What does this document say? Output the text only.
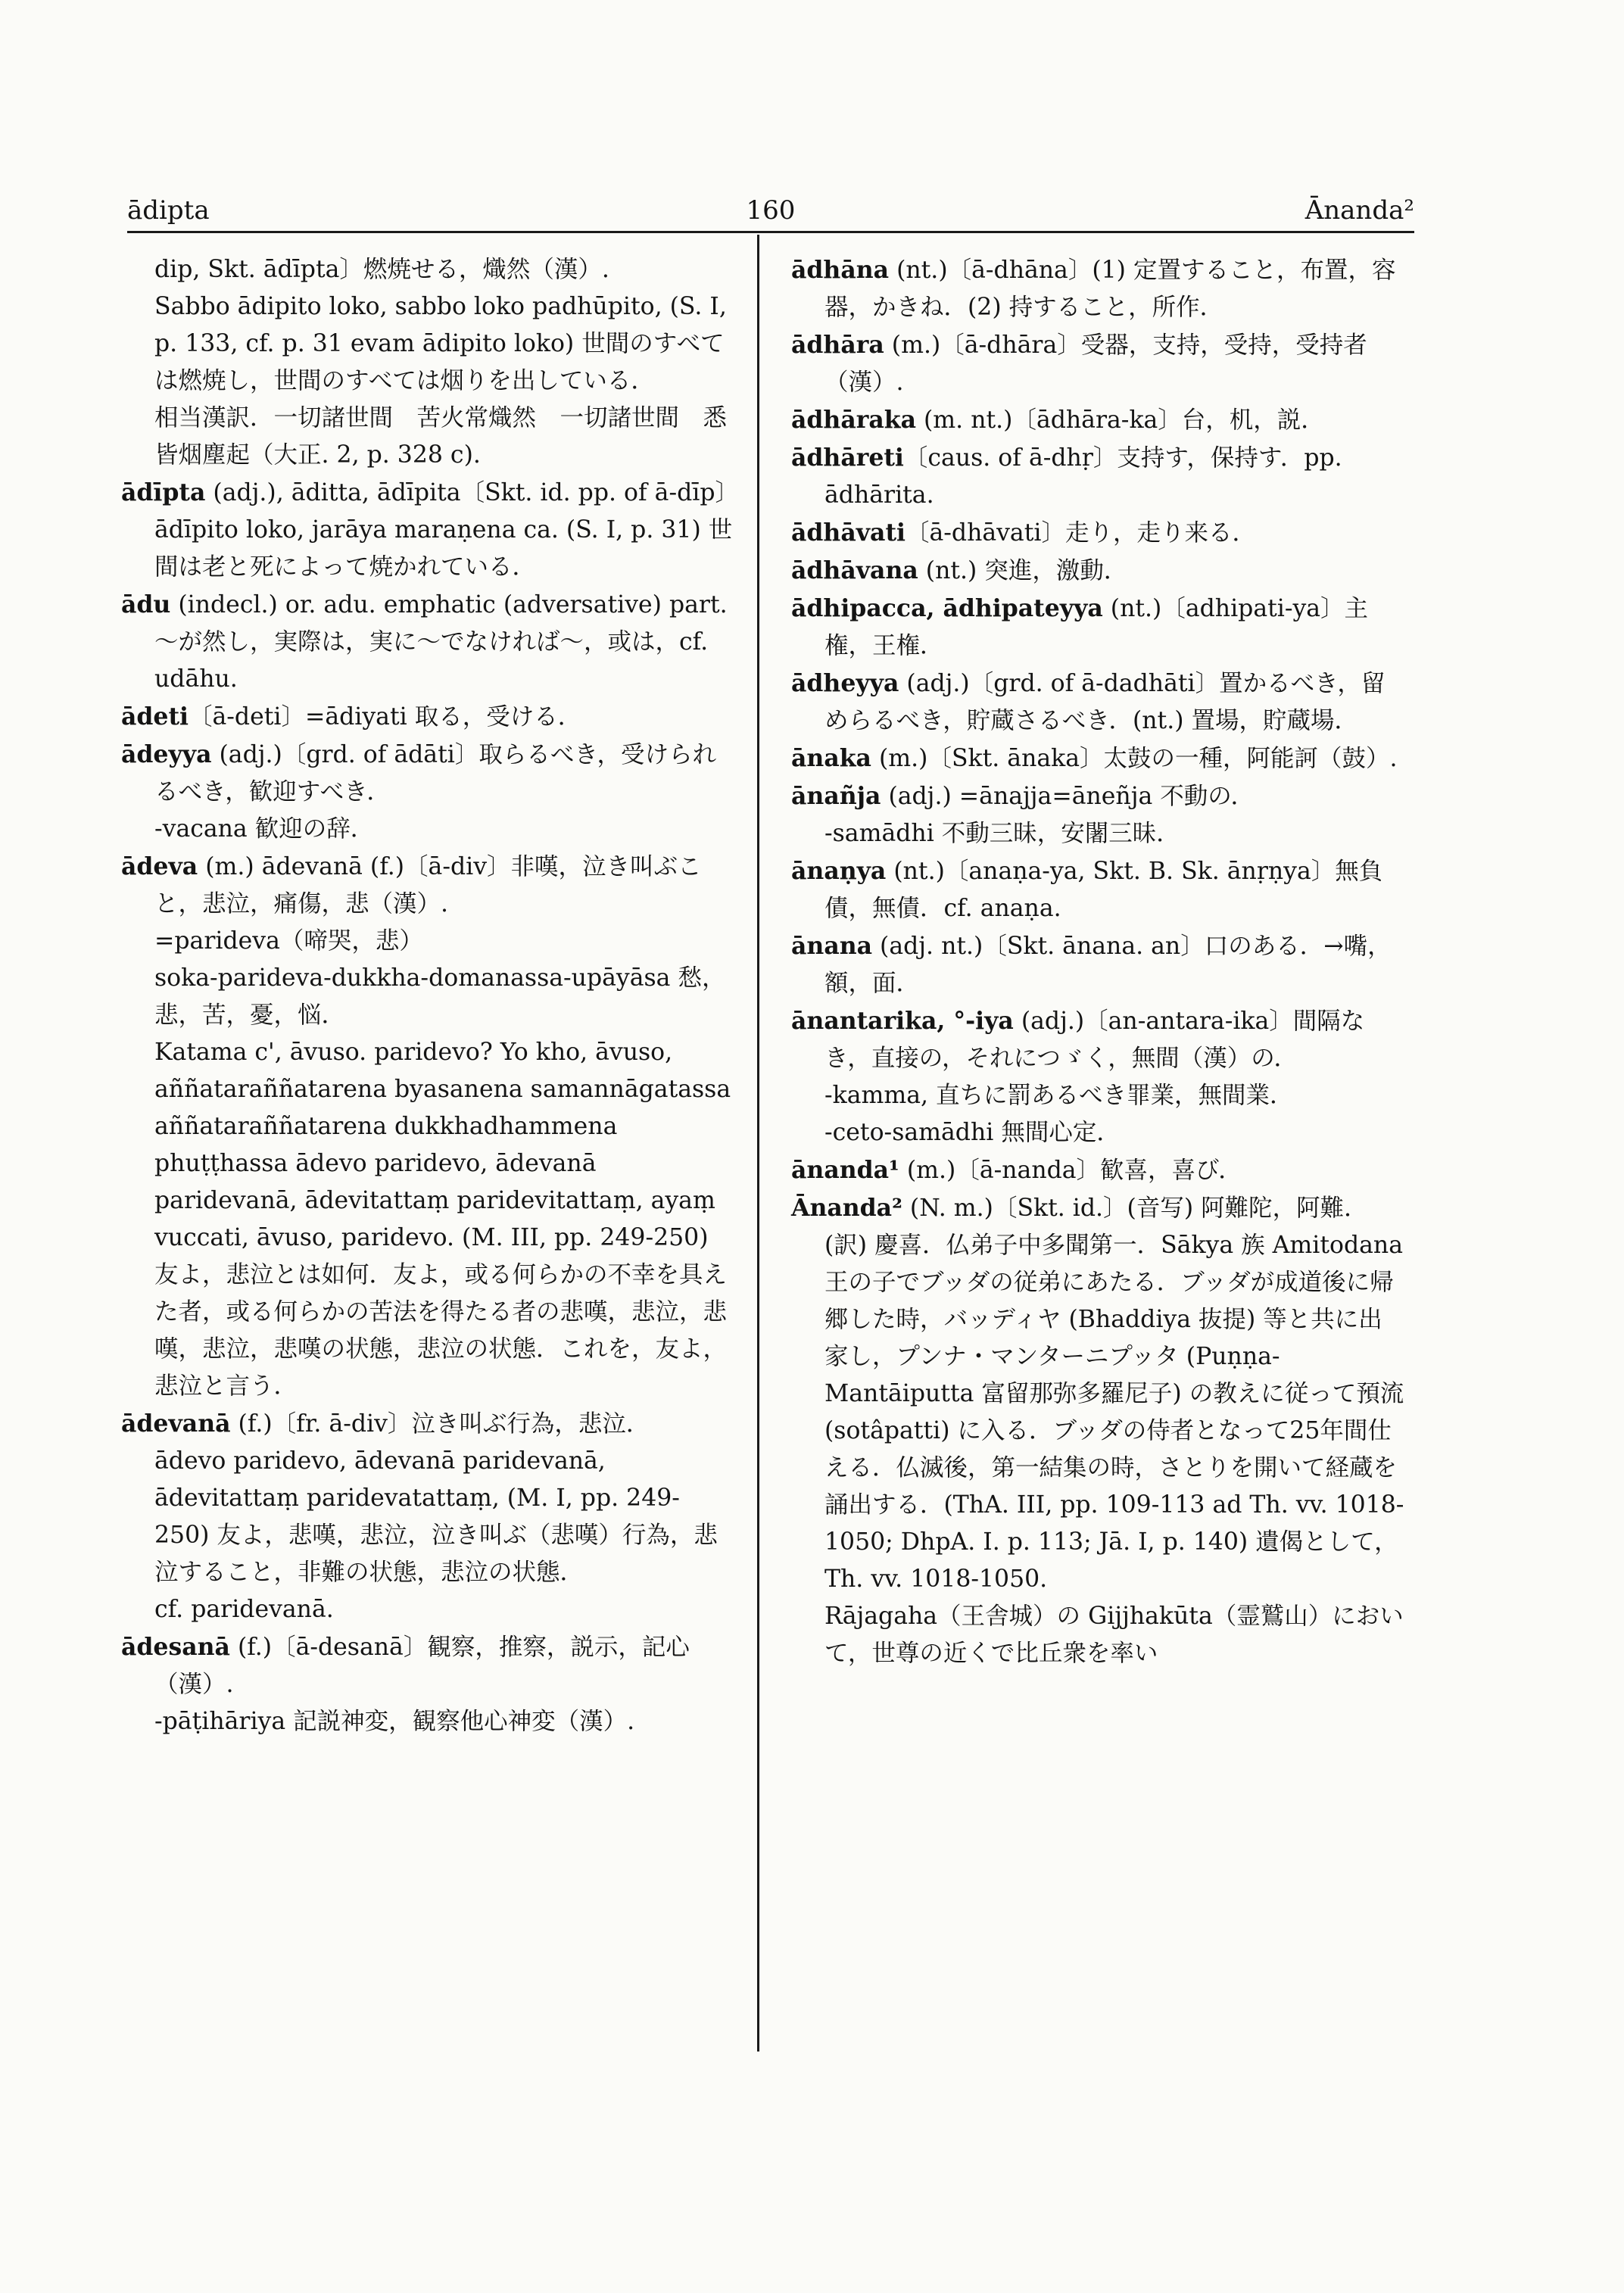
ādipta	160	Ānanda²

dip, Skt. ādīpta〕燃焼せる，熾然（漢）.

Sabbo ādipito loko, sabbo loko padhūpito, (S. I, p. 133, cf. p. 31 evam ādipito loko) 世間のすべては燃焼し，世間のすべては烟りを出している．

相当漢訳．一切諸世間　苦火常熾然　一切諸世間　悉皆烟塵起（大正. 2, p. 328 c).

ādīpta (adj.), āditta, ādīpita〔Skt. id. pp. of ā-dīp〕ādīpito loko, jarāya maraṇena ca. (S. I, p. 31) 世間は老と死によって焼かれている．

ādu (indecl.) or. adu. emphatic (adversative) part. ～が然し，実際は，実に～でなければ～，或は，cf. udāhu.

ādeti〔ā-deti〕=ādiyati 取る，受ける．

ādeyya (adj.)〔grd. of ādāti〕取らるべき，受けられるべき，歓迎すべき．

-vacana 歓迎の辞．

ādeva (m.) ādevanā (f.)〔ā-div〕非嘆，泣き叫ぶこと，悲泣，痛傷，悲（漢）.

=parideva（啼哭，悲）

soka-parideva-dukkha-domanassa-upāyāsa 愁，悲，苦，憂，悩．

Katama c', āvuso. paridevo? Yo kho, āvuso, aññataraññatarena byasanena samannāgatassa aññataraññatarena dukkhadhammena phuṭṭhassa ādevo paridevo, ādevanā paridevanā, ādevitattaṃ paridevitattaṃ, ayaṃ vuccati, āvuso, paridevo. (M. III, pp. 249-250) 友よ，悲泣とは如何．友よ，或る何らかの不幸を具えた者，或る何らかの苦法を得たる者の悲嘆，悲泣，悲嘆，悲泣，悲嘆の状態，悲泣の状態．これを，友よ，悲泣と言う．

ādevanā (f.)〔fr. ā-div〕泣き叫ぶ行為，悲泣．

ādevo paridevo, ādevanā paridevanā, ādevitattaṃ paridevatattaṃ, (M. I, pp. 249-250) 友よ，悲嘆，悲泣，泣き叫ぶ（悲嘆）行為，悲泣すること，非難の状態，悲泣の状態．

cf. paridevanā.

ādesanā (f.)〔ā-desanā〕観察，推察，説示，記心（漢）.

-pāṭihāriya 記説神変，観察他心神変（漢）.

ādhāna (nt.)〔ā-dhāna〕(1) 定置すること，布置，容器，かきね．(2) 持すること，所作．

ādhāra (m.)〔ā-dhāra〕受器，支持，受持，受持者（漢）.

ādhāraka (m. nt.)〔ādhāra-ka〕台，机，説．

ādhāreti〔caus. of ā-dhṛ〕支持す，保持す．pp. ādhārita.

ādhāvati〔ā-dhāvati〕走り，走り来る．

ādhāvana (nt.) 突進，激動．

ādhipacca, ādhipateyya (nt.)〔adhipati-ya〕主権，王権．

ādheyya (adj.)〔grd. of ā-dadhāti〕置かるべき，留めらるべき，貯蔵さるべき．(nt.) 置場，貯蔵場．

ānaka (m.)〔Skt. ānaka〕太鼓の一種，阿能訶（鼓）.

ānañja (adj.) =ānajja=āneñja 不動の．

-samādhi 不動三昧，安闍三昧．

ānaṇya (nt.)〔anaṇa-ya, Skt. B. Sk. ānṛṇya〕無負債，無債．cf. anaṇa.

ānana (adj. nt.)〔Skt. ānana. an〕口のある．→嘴，額，面．

ānantarika, °-iya (adj.)〔an-antara-ika〕間隔なき，直接の，それにつゞく，無間（漢）の．

-kamma, 直ちに罰あるべき罪業，無間業．

-ceto-samādhi 無間心定．

ānanda¹ (m.)〔ā-nanda〕歓喜，喜び．

Ānanda² (N. m.)〔Skt. id.〕(音写) 阿難陀，阿難．(訳) 慶喜．仏弟子中多聞第一．Sākya 族 Amitodana 王の子でブッダの従弟にあたる．ブッダが成道後に帰郷した時，バッディヤ (Bhaddiya 抜提) 等と共に出家し，プンナ・マンターニプッタ (Puṇṇa-Mantāiputta 富留那弥多羅尼子) の教えに従って預流 (sotâpatti) に入る．ブッダの侍者となって25年間仕える．仏滅後，第一結集の時，さとりを開いて経蔵を誦出する．(ThA. III, pp. 109-113 ad Th. vv. 1018-1050; DhpA. I. p. 113; Jā. I, p. 140) 遺偈として，Th. vv. 1018-1050.

Rājagaha（王舎城）の Gijjhakūta（霊鷲山）において，世尊の近くで比丘衆を率い
